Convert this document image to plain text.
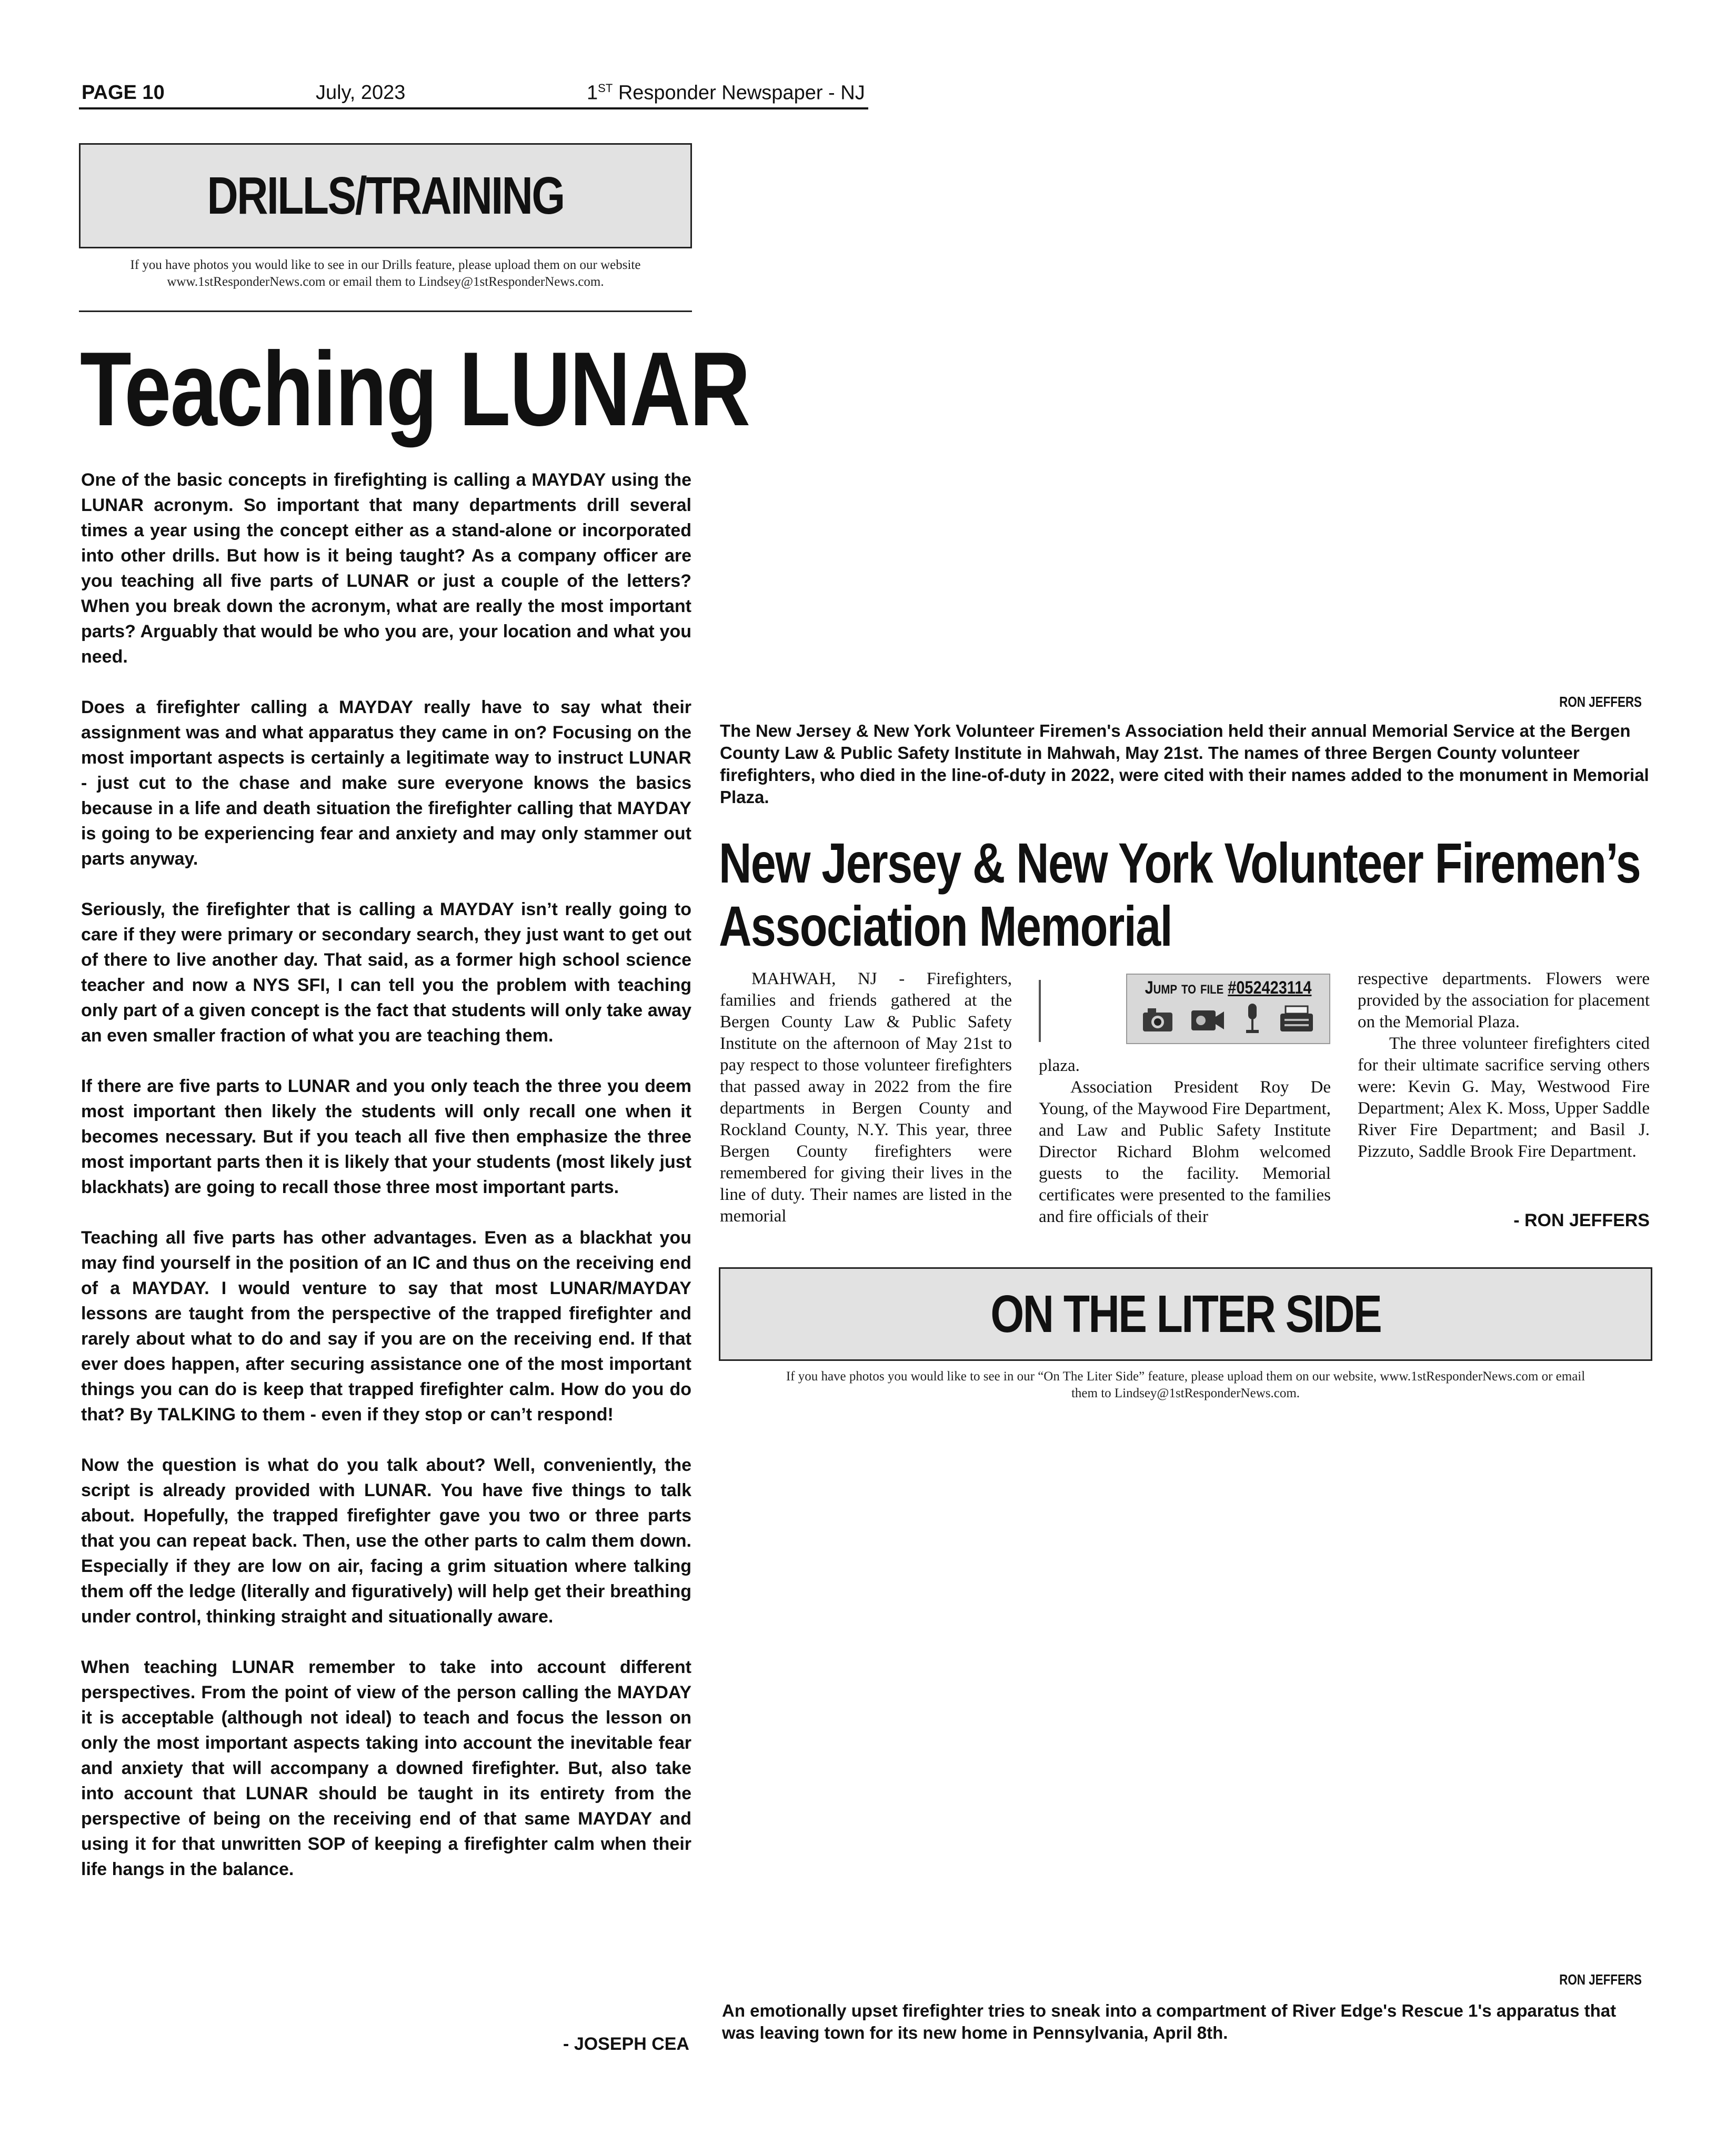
PAGE 10	July, 2023	1ST Responder Newspaper - NJ
DRILLS/TRAINING
If you have photos you would like to see in our Drills feature, please upload them on our website
www.1stResponderNews.com or email them to Lindsey@1stResponderNews.com.
Teaching LUNAR

One of the basic concepts in firefighting is calling a MAYDAY using the LUNAR acronym. So important that many departments drill several times a year using the concept either as a stand-alone or incorporated into other drills. But how is it being taught? As a company officer are you teaching all five parts of LUNAR or just a couple of the letters? When you break down the acronym, what are really the most important parts? Arguably that would be who you are, your location and what you need.

Does a firefighter calling a MAYDAY really have to say what their assignment was and what apparatus they came in on? Focusing on the most important aspects is certainly a legitimate way to instruct LUNAR - just cut to the chase and make sure everyone knows the basics because in a life and death situation the firefighter calling that MAYDAY is going to be experiencing fear and anxiety and may only stammer out parts anyway.

Seriously, the firefighter that is calling a MAYDAY isn’t really going to care if they were primary or secondary search, they just want to get out of there to live another day. That said, as a former high school science teacher and now a NYS SFI, I can tell you the problem with teaching only part of a given concept is the fact that students will only take away an even smaller fraction of what you are teaching them.

If there are five parts to LUNAR and you only teach the three you deem most important then likely the students will only recall one when it becomes necessary. But if you teach all five then emphasize the three most important parts then it is likely that your students (most likely just blackhats) are going to recall those three most important parts.

Teaching all five parts has other advantages. Even as a blackhat you may find yourself in the position of an IC and thus on the receiving end of a MAYDAY. I would venture to say that most LUNAR/MAYDAY lessons are taught from the perspective of the trapped firefighter and rarely about what to do and say if you are on the receiving end. If that ever does happen, after securing assistance one of the most important things you can do is keep that trapped firefighter calm. How do you do that? By TALKING to them - even if they stop or can’t respond!

Now the question is what do you talk about? Well, conveniently, the script is already provided with LUNAR. You have five things to talk about. Hopefully, the trapped firefighter gave you two or three parts that you can repeat back. Then, use the other parts to calm them down. Especially if they are low on air, facing a grim situation where talking them off the ledge (literally and figuratively) will help get their breathing under control, thinking straight and situationally aware.

When teaching LUNAR remember to take into account different perspectives. From the point of view of the person calling the MAYDAY it is acceptable (although not ideal) to teach and focus the lesson on only the most important aspects taking into account the inevitable fear and anxiety that will accompany a downed firefighter. But, also take into account that LUNAR should be taught in its entirety from the perspective of being on the receiving end of that same MAYDAY and using it for that unwritten SOP of keeping a firefighter calm when their life hangs in the balance.

- JOSEPH CEA
RON JEFFERS
The New Jersey & New York Volunteer Firemen's Association held their annual Memorial Service at the Bergen County Law & Public Safety Institute in Mahwah, May 21st. The names of three Bergen County volunteer firefighters, who died in the line-of-duty in 2022, were cited with their names added to the monument in Memorial Plaza.
New Jersey & New York Volunteer Firemen’s
Association Memorial

MAHWAH, NJ - Firefighters, families and friends gathered at the Bergen County Law & Public Safety Institute on the afternoon of May 21st to pay respect to those volunteer firefighters that passed away in 2022 from the fire departments in Bergen County and Rockland County, N.Y. This year, three Bergen County firefighters were remembered for giving their lives in the line of duty. Their names are listed in the memorial

Jump to file #052423114

plaza.

Association President Roy De Young, of the Maywood Fire Department, and Law and Public Safety Institute Director Richard Blohm welcomed guests to the facility. Memorial certificates were presented to the families and fire officials of their

respective departments. Flowers were provided by the association for placement on the Memorial Plaza.

The three volunteer firefighters cited for their ultimate sacrifice serving others were: Kevin G. May, Westwood Fire Department; Alex K. Moss, Upper Saddle River Fire Department; and Basil J. Pizzuto, Saddle Brook Fire Department.

- RON JEFFERS
ON THE LITER SIDE
If you have photos you would like to see in our “On The Liter Side” feature, please upload them on our website, www.1stResponderNews.com or email
them to Lindsey@1stResponderNews.com.
RON JEFFERS
An emotionally upset firefighter tries to sneak into a compartment of River Edge's Rescue 1's apparatus that was leaving town for its new home in Pennsylvania, April 8th.
